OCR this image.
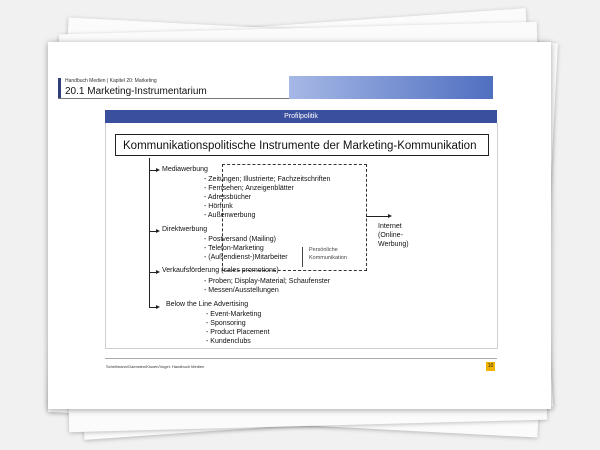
Handbuch Medien | Kapitel 20: Marketing
20.1 Marketing-Instrumentarium
Profilpolitik
Kommunikationspolitische Instrumente der Marketing-Kommunikation
Mediawerbung
- Zeitungen; Illustrierte; Fachzeitschriften
- Fernsehen; Anzeigenblätter
- Adressbücher
- Hörfunk
- Außenwerbung
Direktwerbung
- Postversand (Mailing)
- Telefon-Marketing
- (Außendienst-)Mitarbeiter
Verkaufsförderung (sales promotions)
- Proben; Display-Material; Schaufenster
- Messen/Ausstellungen
Below the Line Advertising
- Event-Marketing
- Sponsoring
- Product Placement
- Kundenclubs
Persönliche
Kommunikation
Internet
(Online-
Werbung)
Schellmann/Gaenslen/Kluxen/Vogel: Handbuch Medien	10
